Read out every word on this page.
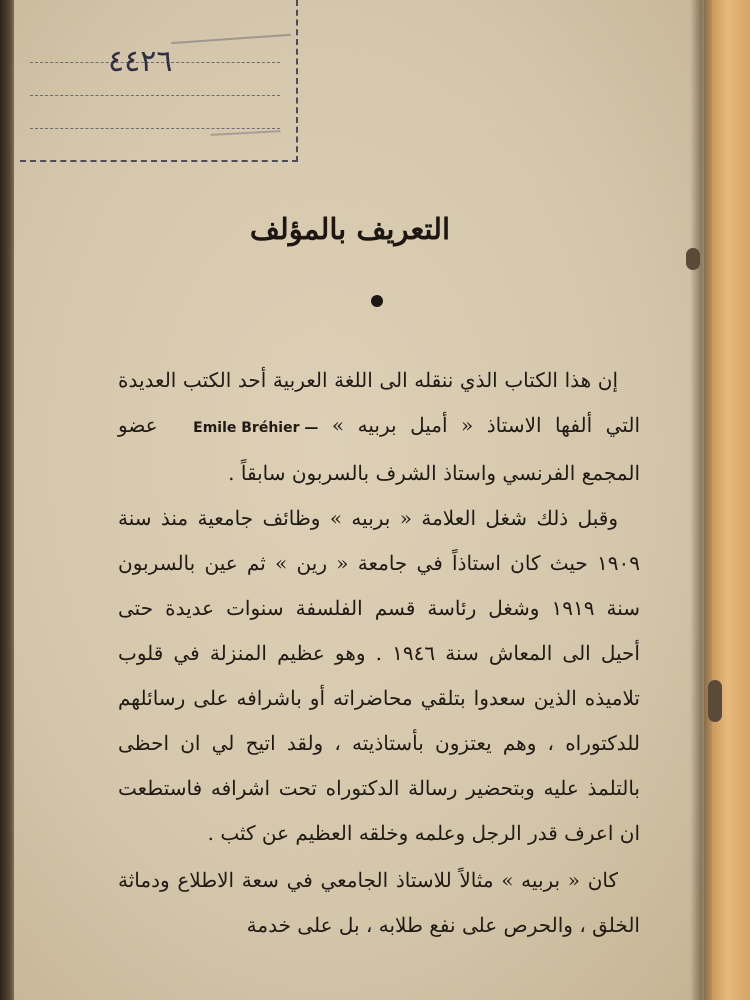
٤٤٢٦
التعريف بالمؤلف
إن هذا الكتاب الذي ننقله الى اللغة العربية أحد الكتب العديدة التي ألفها الاستاذ « أميل بربيه » Emile Bréhier — عضو المجمع الفرنسي واستاذ الشرف بالسربون سابقاً .
وقبل ذلك شغل العلامة « بربيه » وظائف جامعية منذ سنة ١٩٠٩ حيث كان استاذاً في جامعة « رين » ثم عين بالسربون سنة ١٩١٩ وشغل رئاسة قسم الفلسفة سنوات عديدة حتى أحيل الى المعاش سنة ١٩٤٦ . وهو عظيم المنزلة في قلوب تلاميذه الذين سعدوا بتلقي محاضراته أو باشرافه على رسائلهم للدكتوراه ، وهم يعتزون بأستاذيته ، ولقد اتيح لي ان احظى بالتلمذ عليه وبتحضير رسالة الدكتوراه تحت اشرافه فاستطعت ان اعرف قدر الرجل وعلمه وخلقه العظيم عن كثب .
كان « بربيه » مثالاً للاستاذ الجامعي في سعة الاطلاع ودماثة الخلق ، والحرص على نفع طلابه ، بل على خدمة
